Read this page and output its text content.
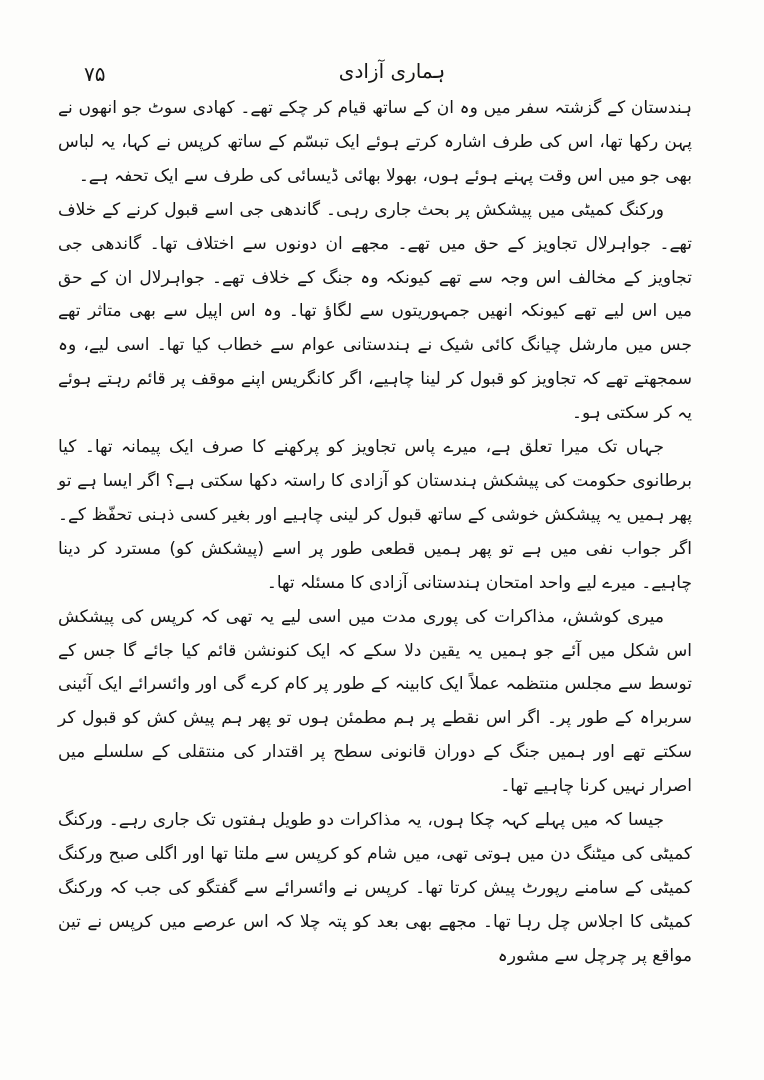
۷۵	ہماری آزادی

ہندستان کے گزشتہ سفر میں وہ ان کے ساتھ قیام کر چکے تھے۔ کھادی سوٹ جو انھوں نے پہن رکھا تھا، اس کی طرف اشارہ کرتے ہوئے ایک تبسّم کے ساتھ کرپس نے کہا، یہ لباس بھی جو میں اس وقت پہنے ہوئے ہوں، بھولا بھائی ڈیسائی کی طرف سے ایک تحفہ ہے۔

ورکنگ کمیٹی میں پیشکش پر بحث جاری رہی۔ گاندھی جی اسے قبول کرنے کے خلاف تھے۔ جواہرلال تجاویز کے حق میں تھے۔ مجھے ان دونوں سے اختلاف تھا۔ گاندھی جی تجاویز کے مخالف اس وجہ سے تھے کیونکہ وہ جنگ کے خلاف تھے۔ جواہرلال ان کے حق میں اس لیے تھے کیونکہ انھیں جمہوریتوں سے لگاؤ تھا۔ وہ اس اپیل سے بھی متاثر تھے جس میں مارشل چیانگ کائی شیک نے ہندستانی عوام سے خطاب کیا تھا۔ اسی لیے، وہ سمجھتے تھے کہ تجاویز کو قبول کر لینا چاہیے، اگر کانگریس اپنے موقف پر قائم رہتے ہوئے یہ کر سکتی ہو۔

جہاں تک میرا تعلق ہے، میرے پاس تجاویز کو پرکھنے کا صرف ایک پیمانہ تھا۔ کیا برطانوی حکومت کی پیشکش ہندستان کو آزادی کا راستہ دکھا سکتی ہے؟ اگر ایسا ہے تو پھر ہمیں یہ پیشکش خوشی کے ساتھ قبول کر لینی چاہیے اور بغیر کسی ذہنی تحفّظ کے۔ اگر جواب نفی میں ہے تو پھر ہمیں قطعی طور پر اسے (پیشکش کو) مسترد کر دینا چاہیے۔ میرے لیے واحد امتحان ہندستانی آزادی کا مسئلہ تھا۔

میری کوشش، مذاکرات کی پوری مدت میں اسی لیے یہ تھی کہ کرپس کی پیشکش اس شکل میں آئے جو ہمیں یہ یقین دلا سکے کہ ایک کنونشن قائم کیا جائے گا جس کے توسط سے مجلس منتظمہ عملاً ایک کابینہ کے طور پر کام کرے گی اور وائسرائے ایک آئینی سربراہ کے طور پر۔ اگر اس نقطے پر ہم مطمئن ہوں تو پھر ہم پیش کش کو قبول کر سکتے تھے اور ہمیں جنگ کے دوران قانونی سطح پر اقتدار کی منتقلی کے سلسلے میں اصرار نہیں کرنا چاہیے تھا۔

جیسا کہ میں پہلے کہہ چکا ہوں، یہ مذاکرات دو طویل ہفتوں تک جاری رہے۔ ورکنگ کمیٹی کی میٹنگ دن میں ہوتی تھی، میں شام کو کرپس سے ملتا تھا اور اگلی صبح ورکنگ کمیٹی کے سامنے رپورٹ پیش کرتا تھا۔ کرپس نے وائسرائے سے گفتگو کی جب کہ ورکنگ کمیٹی کا اجلاس چل رہا تھا۔ مجھے بھی بعد کو پتہ چلا کہ اس عرصے میں کرپس نے تین مواقع پر چرچل سے مشورہ
